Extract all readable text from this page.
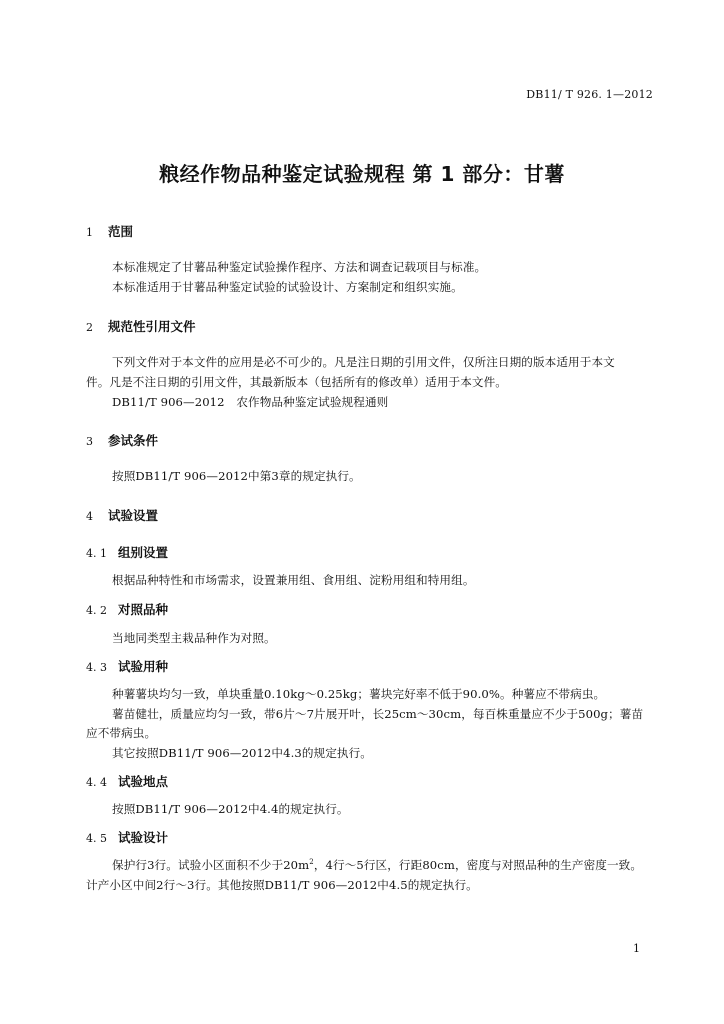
DB11/ T 926. 1—2012
粮经作物品种鉴定试验规程 第 1 部分：甘薯
1 范围
本标准规定了甘薯品种鉴定试验操作程序、方法和调查记载项目与标准。
本标准适用于甘薯品种鉴定试验的试验设计、方案制定和组织实施。
2 规范性引用文件
下列文件对于本文件的应用是必不可少的。凡是注日期的引用文件，仅所注日期的版本适用于本文
件。凡是不注日期的引用文件，其最新版本（包括所有的修改单）适用于本文件。
DB11/T 906—2012　农作物品种鉴定试验规程通则
3 参试条件
按照DB11/T 906—2012中第3章的规定执行。
4 试验设置
4. 1 组别设置
根据品种特性和市场需求，设置兼用组、食用组、淀粉用组和特用组。
4. 2 对照品种
当地同类型主栽品种作为对照。
4. 3 试验用种
种薯薯块均匀一致，单块重量0.10kg～0.25kg；薯块完好率不低于90.0%。种薯应不带病虫。
薯苗健壮，质量应均匀一致，带6片～7片展开叶，长25cm～30cm，每百株重量应不少于500g；薯苗
应不带病虫。
其它按照DB11/T 906—2012中4.3的规定执行。
4. 4 试验地点
按照DB11/T 906—2012中4.4的规定执行。
4. 5 试验设计
保护行3行。试验小区面积不少于$20m^2$，4行～5行区，行距80cm，密度与对照品种的生产密度一致。
计产小区中间2行～3行。其他按照DB11/T 906—2012中4.5的规定执行。
1
